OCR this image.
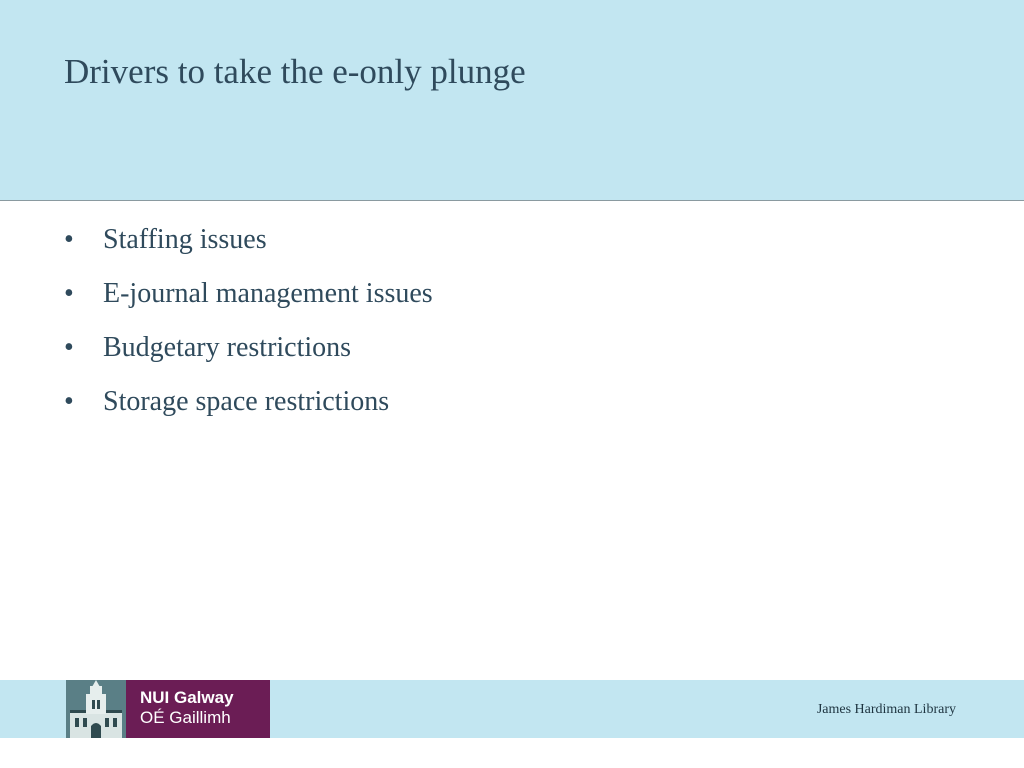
Drivers to take the e-only plunge
• Staffing issues
• E-journal management issues
• Budgetary restrictions
• Storage space restrictions
NUI Galway
OÉ Gaillimh	James Hardiman Library
